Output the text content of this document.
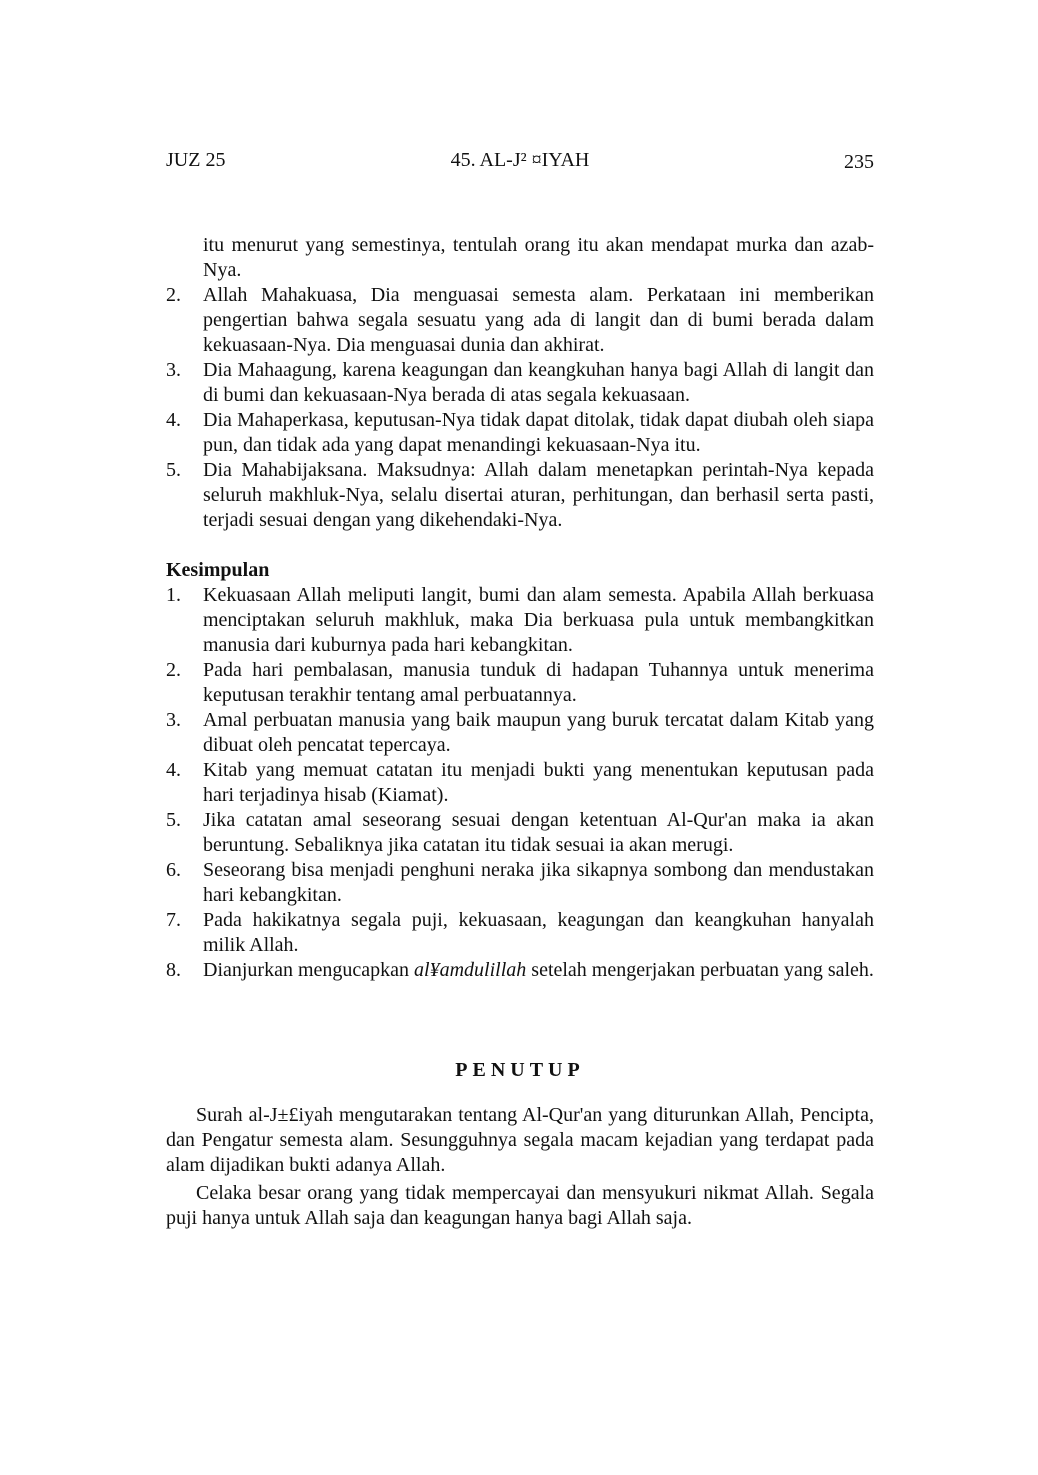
JUZ 25	45. AL-J² ¤IYAH	235

itu menurut yang semestinya, tentulah orang itu akan mendapat murka dan azab-Nya.

2. Allah Mahakuasa, Dia menguasai semesta alam. Perkataan ini memberikan pengertian bahwa segala sesuatu yang ada di langit dan di bumi berada dalam kekuasaan-Nya. Dia menguasai dunia dan akhirat.
3. Dia Mahaagung, karena keagungan dan keangkuhan hanya bagi Allah di langit dan di bumi dan kekuasaan-Nya berada di atas segala kekuasaan.
4. Dia Mahaperkasa, keputusan-Nya tidak dapat ditolak, tidak dapat diubah oleh siapa pun, dan tidak ada yang dapat menandingi kekuasaan-Nya itu.
5. Dia Mahabijaksana. Maksudnya: Allah dalam menetapkan perintah-Nya kepada seluruh makhluk-Nya, selalu disertai aturan, perhitungan, dan berhasil serta pasti, terjadi sesuai dengan yang dikehendaki-Nya.
Kesimpulan
1. Kekuasaan Allah meliputi langit, bumi dan alam semesta. Apabila Allah berkuasa menciptakan seluruh makhluk, maka Dia berkuasa pula untuk membangkitkan manusia dari kuburnya pada hari kebangkitan.
2. Pada hari pembalasan, manusia tunduk di hadapan Tuhannya untuk menerima keputusan terakhir tentang amal perbuatannya.
3. Amal perbuatan manusia yang baik maupun yang buruk tercatat dalam Kitab yang dibuat oleh pencatat tepercaya.
4. Kitab yang memuat catatan itu menjadi bukti yang menentukan keputusan pada hari terjadinya hisab (Kiamat).
5. Jika catatan amal seseorang sesuai dengan ketentuan Al-Qur'an maka ia akan beruntung. Sebaliknya jika catatan itu tidak sesuai ia akan merugi.
6. Seseorang bisa menjadi penghuni neraka jika sikapnya sombong dan mendustakan hari kebangkitan.
7. Pada hakikatnya segala puji, kekuasaan, keagungan dan keangkuhan hanyalah milik Allah.
8. Dianjurkan mengucapkan al¥amdulillah setelah mengerjakan perbuatan yang saleh.
PENUTUP

Surah al-J±£iyah mengutarakan tentang Al-Qur'an yang diturunkan Allah, Pencipta, dan Pengatur semesta alam. Sesungguhnya segala macam kejadian yang terdapat pada alam dijadikan bukti adanya Allah.

Celaka besar orang yang tidak mempercayai dan mensyukuri nikmat Allah. Segala puji hanya untuk Allah saja dan keagungan hanya bagi Allah saja.
